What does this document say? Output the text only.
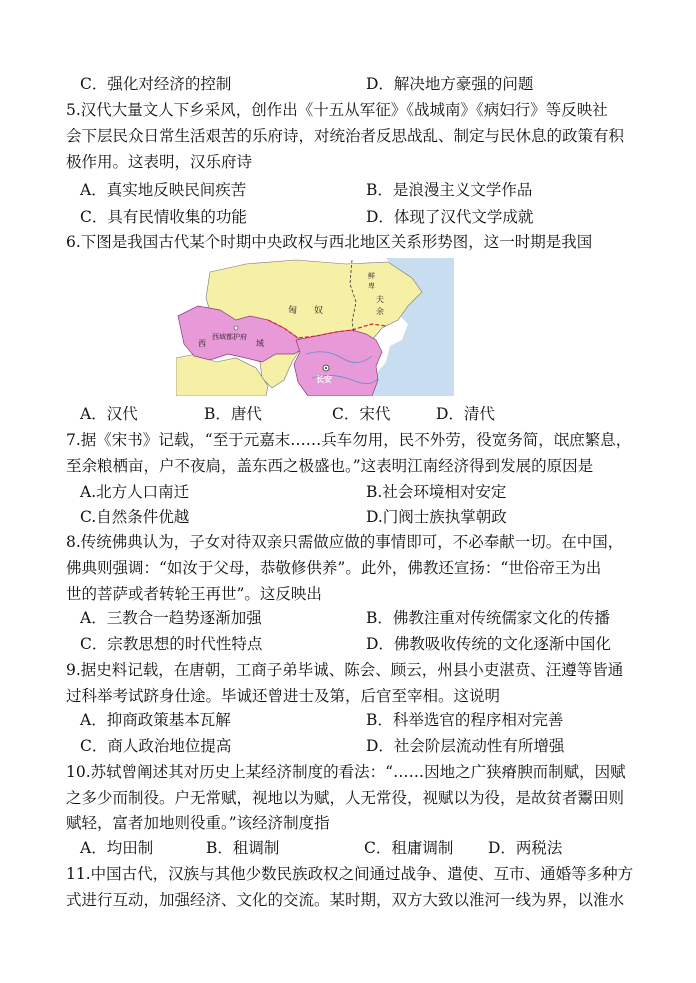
C．强化对经济的控制	D．解决地方豪强的问题
5.汉代大量文人下乡采风，创作出《十五从军征》《战城南》《病妇行》等反映社
会下层民众日常生活艰苦的乐府诗，对统治者反思战乱、制定与民休息的政策有积
极作用。这表明，汉乐府诗
A．真实地反映民间疾苦	B．是浪漫主义文学作品
C．具有民情收集的功能	D．体现了汉代文学成就
6.下图是我国古代某个时期中央政权与西北地区关系形势图，这一时期是我国
匈 奴
鲜
卑
夫
余
西域都护府
西	域
长安
A．汉代	B．唐代	C．宋代	D．清代
7.据《宋书》记载，“至于元嘉末……兵车勿用，民不外劳，役宽务简，氓庶繁息，
至余粮栖亩，户不夜扃，盖东西之极盛也。”这表明江南经济得到发展的原因是
A.北方人口南迁	B.社会环境相对安定
C.自然条件优越	D.门阀士族执掌朝政
8.传统佛典认为，子女对待双亲只需做应做的事情即可，不必奉献一切。在中国，
佛典则强调：“如汝于父母，恭敬修供养”。此外，佛教还宣扬：“世俗帝王为出
世的菩萨或者转轮王再世”。这反映出
A．三教合一趋势逐渐加强	B．佛教注重对传统儒家文化的传播
C．宗教思想的时代性特点	D．佛教吸收传统的文化逐渐中国化
9.据史料记载，在唐朝，工商子弟毕诚、陈会、顾云，州县小吏湛贲、汪遵等皆通
过科举考试跻身仕途。毕诚还曾进士及第，后官至宰相。这说明
A．抑商政策基本瓦解	B．科举选官的程序相对完善
C．商人政治地位提高	D．社会阶层流动性有所增强
10.苏轼曾阐述其对历史上某经济制度的看法：“……因地之广狭瘠腴而制赋，因赋
之多少而制役。户无常赋，视地以为赋，人无常役，视赋以为役，是故贫者鬻田则
赋轻，富者加地则役重。”该经济制度指
A．均田制	B．租调制	C．租庸调制 D．两税法
11.中国古代，汉族与其他少数民族政权之间通过战争、遣使、互市、通婚等多种方
式进行互动，加强经济、文化的交流。某时期，双方大致以淮河一线为界，以淮水
